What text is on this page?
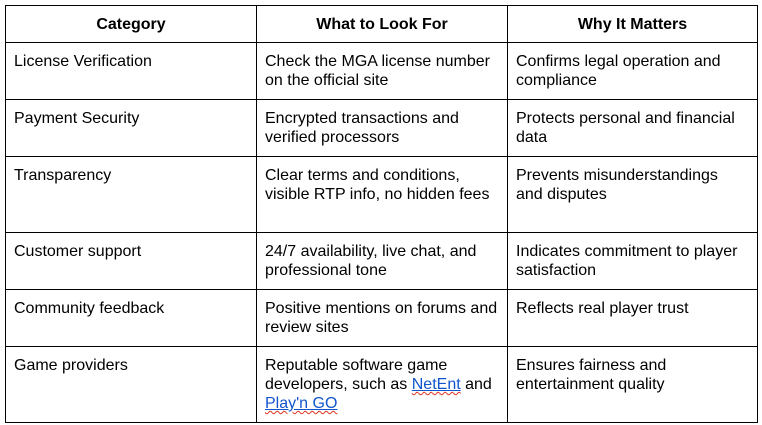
Category	What to Look For	Why It Matters
License Verification	Check the MGA license number on the official site	Confirms legal operation and compliance
Payment Security	Encrypted transactions and verified processors	Protects personal and financial data
Transparency	Clear terms and conditions, visible RTP info, no hidden fees	Prevents misunderstandings and disputes
Customer support	24/7 availability, live chat, and professional tone	Indicates commitment to player satisfaction
Community feedback	Positive mentions on forums and review sites	Reflects real player trust
Game providers	Reputable software game developers, such as NetEnt and Play'n GO	Ensures fairness and entertainment quality
